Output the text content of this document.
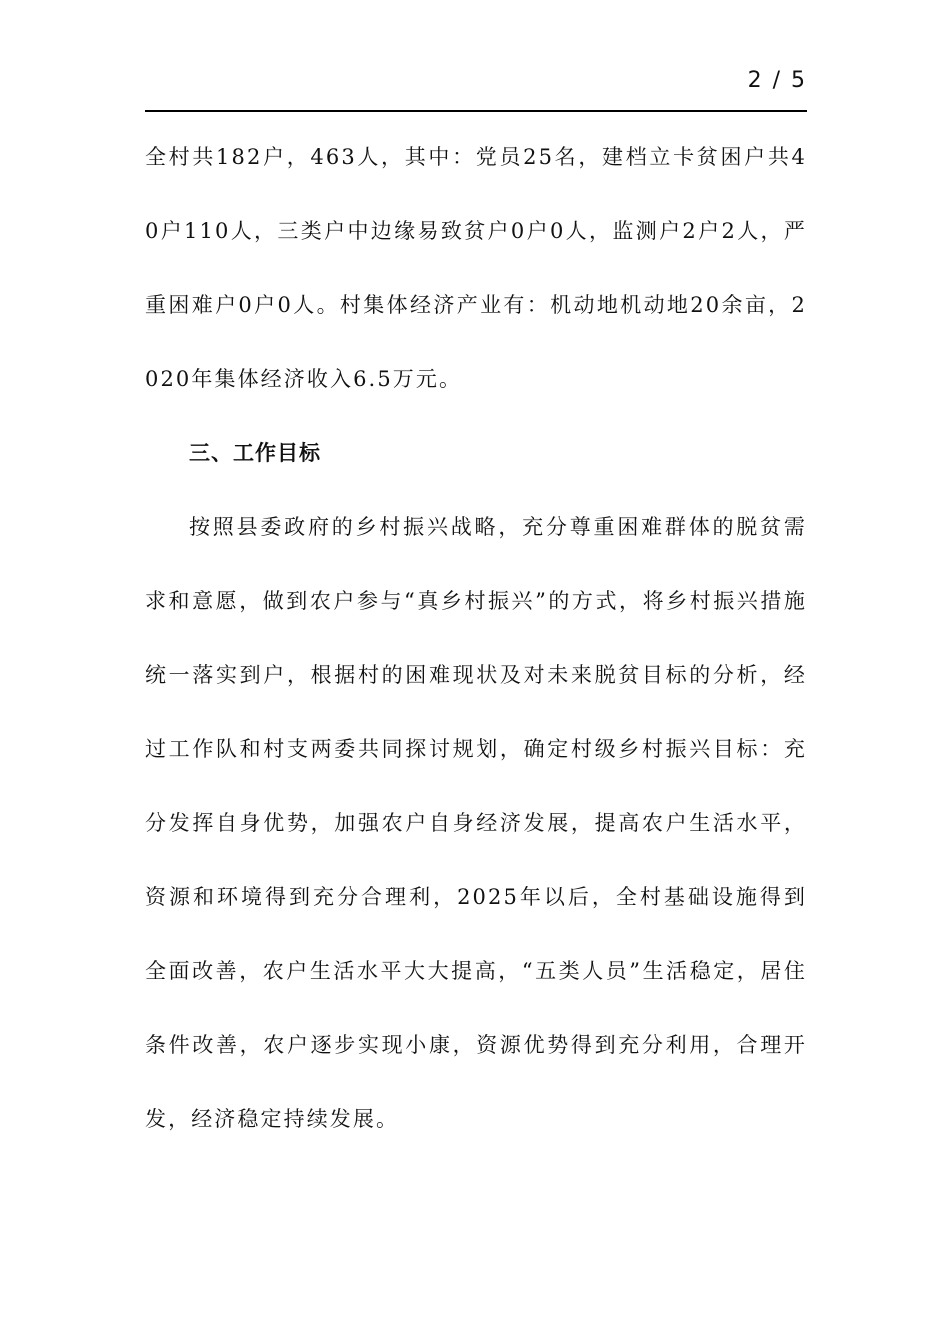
2 / 5

全村共182户，463人，其中：党员25名，建档立卡贫困户共40户110人，三类户中边缘易致贫户0户0人，监测户2户2人，严重困难户0户0人。村集体经济产业有：机动地机动地20余亩，2020年集体经济收入6.5万元。

三、工作目标

按照县委政府的乡村振兴战略，充分尊重困难群体的脱贫需求和意愿，做到农户参与“真乡村振兴”的方式，将乡村振兴措施统一落实到户，根据村的困难现状及对未来脱贫目标的分析，经过工作队和村支两委共同探讨规划，确定村级乡村振兴目标：充分发挥自身优势，加强农户自身经济发展，提高农户生活水平，资源和环境得到充分合理利，2025年以后，全村基础设施得到全面改善，农户生活水平大大提高，“五类人员”生活稳定，居住条件改善，农户逐步实现小康，资源优势得到充分利用，合理开发，经济稳定持续发展。
